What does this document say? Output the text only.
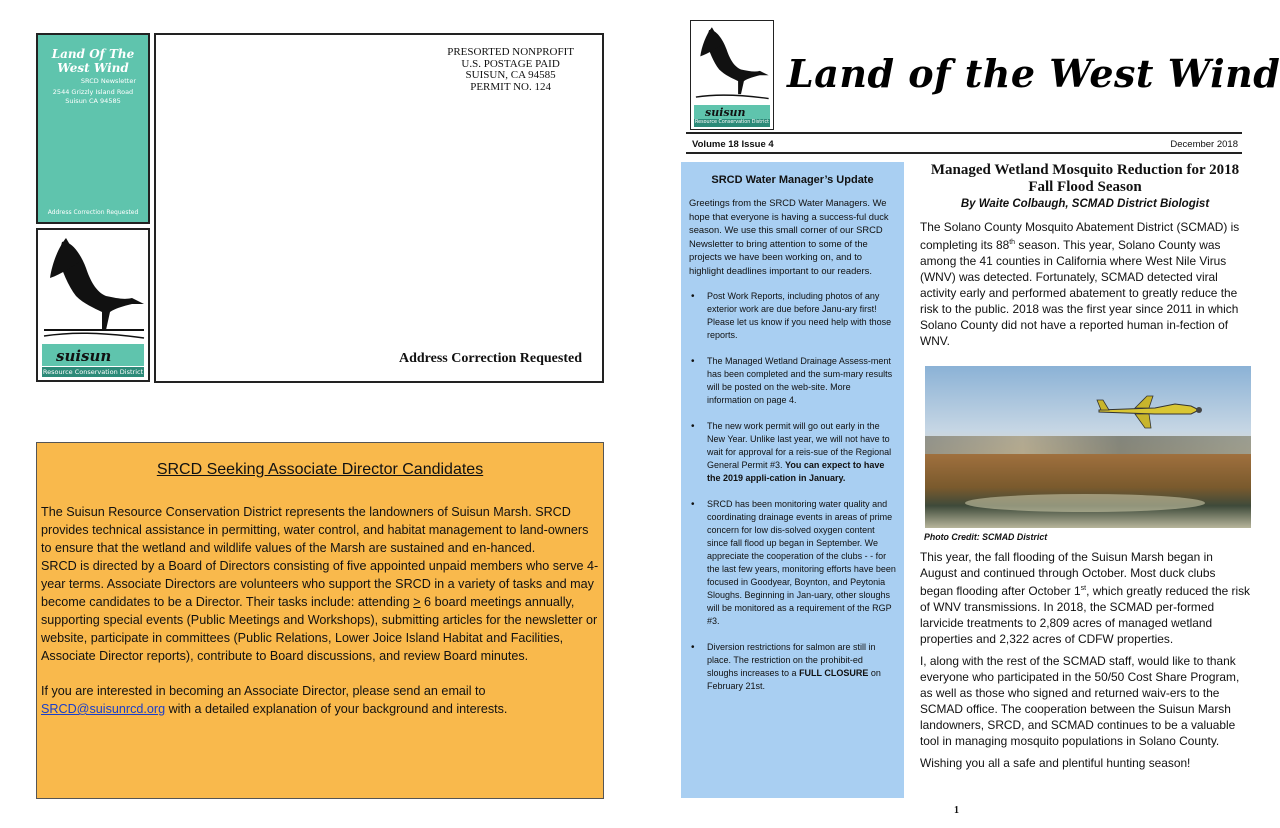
Land Of The West Wind
SRCD Newsletter
2544 Grizzly Island Road
Suisun CA 94585
Address Correction Requested
suisun
Resource Conservation District
PRESORTED NONPROFIT
U.S. POSTAGE PAID
SUISUN, CA 94585
PERMIT NO. 124
Address Correction Requested
SRCD Seeking Associate Director Candidates

The Suisun Resource Conservation District represents the landowners of Suisun Marsh. SRCD provides technical assistance in permitting, water control, and habitat management to land-owners to ensure that the wetland and wildlife values of the Marsh are sustained and en-hanced.

SRCD is directed by a Board of Directors consisting of five appointed unpaid members who serve 4-year terms. Associate Directors are volunteers who support the SRCD in a variety of tasks and may become candidates to be a Director. Their tasks include: attending ≥ 6 board meetings annually, supporting special events (Public Meetings and Workshops), submitting articles for the newsletter or website, participate in committees (Public Relations, Lower Joice Island Habitat and Facilities, Associate Director reports), contribute to Board discussions, and review Board minutes.

If you are interested in becoming an Associate Director, please send an email to
SRCD@suisunrcd.org with a detailed explanation of your background and interests.

suisun
Resource Conservation District
Land of the West Wind
Volume 18 Issue 4	December 2018
SRCD Water Manager’s Update
Greetings from the SRCD Water Managers. We hope that everyone is having a success-ful duck season. We use this small corner of our SRCD Newsletter to bring attention to some of the projects we have been working on, and to highlight deadlines important to our readers.
• Post Work Reports, including photos of any exterior work are due before Janu-ary first! Please let us know if you need help with those reports.
• The Managed Wetland Drainage Assess-ment has been completed and the sum-mary results will be posted on the web-site. More information on page 4.
• The new work permit will go out early in the New Year. Unlike last year, we will not have to wait for approval for a reis-sue of the Regional General Permit #3. You can expect to have the 2019 appli-cation in January.
• SRCD has been monitoring water quality and coordinating drainage events in areas of prime concern for low dis-solved oxygen content since fall flood up began in September. We appreciate the cooperation of the clubs - - for the last few years, monitoring efforts have been focused in Goodyear, Boynton, and Peytonia Sloughs. Beginning in Jan-uary, other sloughs will be monitored as a requirement of the RGP #3.
• Diversion restrictions for salmon are still in place. The restriction on the prohibit-ed sloughs increases to a FULL CLOSURE on February 21st.
Managed Wetland Mosquito Reduction for 2018
Fall Flood Season
By Waite Colbaugh, SCMAD District Biologist
The Solano County Mosquito Abatement District (SCMAD) is completing its 88th season. This year, Solano County was among the 41 counties in California where West Nile Virus (WNV) was detected. Fortunately, SCMAD detected viral activity early and performed abatement to greatly reduce the risk to the public. 2018 was the first year since 2011 in which Solano County did not have a reported human in-fection of WNV.
Photo Credit: SCMAD District
This year, the fall flooding of the Suisun Marsh began in August and continued through October. Most duck clubs began flooding after October 1st, which greatly reduced the risk of WNV transmissions. In 2018, the SCMAD per-formed larvicide treatments to 2,809 acres of managed wetland properties and 2,322 acres of CDFW properties.
I, along with the rest of the SCMAD staff, would like to thank everyone who participated in the 50/50 Cost Share Program, as well as those who signed and returned waiv-ers to the SCMAD office. The cooperation between the Suisun Marsh landowners, SRCD, and SCMAD continues to be a valuable tool in managing mosquito populations in Solano County.
Wishing you all a safe and plentiful hunting season!
1
